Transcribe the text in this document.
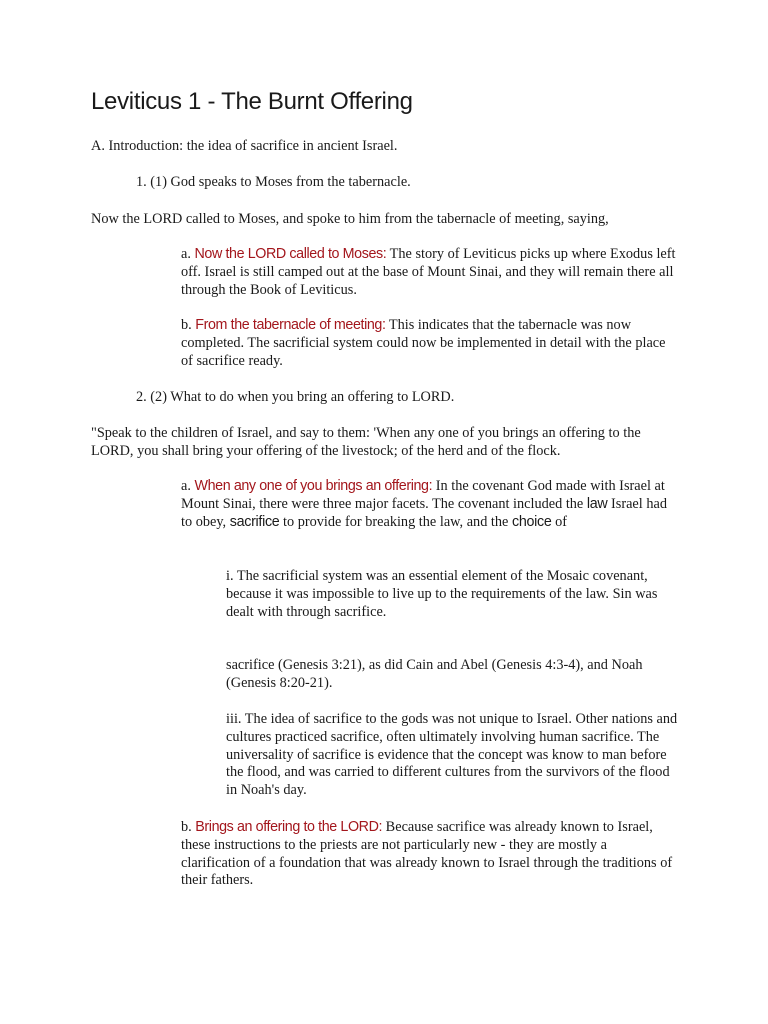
Leviticus 1 - The Burnt Offering

A. Introduction: the idea of sacrifice in ancient Israel.

1. (1) God speaks to Moses from the tabernacle.

Now the LORD called to Moses, and spoke to him from the tabernacle of meeting, saying,

a. Now the LORD called to Moses: The story of Leviticus picks up where Exodus left off. Israel is still camped out at the base of Mount Sinai, and they will remain there all through the Book of Leviticus.

b. From the tabernacle of meeting: This indicates that the tabernacle was now completed. The sacrificial system could now be implemented in detail with the place of sacrifice ready.

2. (2) What to do when you bring an offering to LORD.

"Speak to the children of Israel, and say to them: 'When any one of you brings an offering to the LORD, you shall bring your offering of the livestock; of the herd and of the flock.

a. When any one of you brings an offering: In the covenant God made with Israel at Mount Sinai, there were three major facets. The covenant included the law Israel had to obey, sacrifice to provide for breaking the law, and the choice of

i. The sacrificial system was an essential element of the Mosaic covenant, because it was impossible to live up to the requirements of the law. Sin was dealt with through sacrifice.

sacrifice (Genesis 3:21), as did Cain and Abel (Genesis 4:3-4), and Noah (Genesis 8:20-21).

iii. The idea of sacrifice to the gods was not unique to Israel. Other nations and cultures practiced sacrifice, often ultimately involving human sacrifice. The universality of sacrifice is evidence that the concept was know to man before the flood, and was carried to different cultures from the survivors of the flood in Noah's day.

b. Brings an offering to the LORD: Because sacrifice was already known to Israel, these instructions to the priests are not particularly new - they are mostly a clarification of a foundation that was already known to Israel through the traditions of their fathers.
